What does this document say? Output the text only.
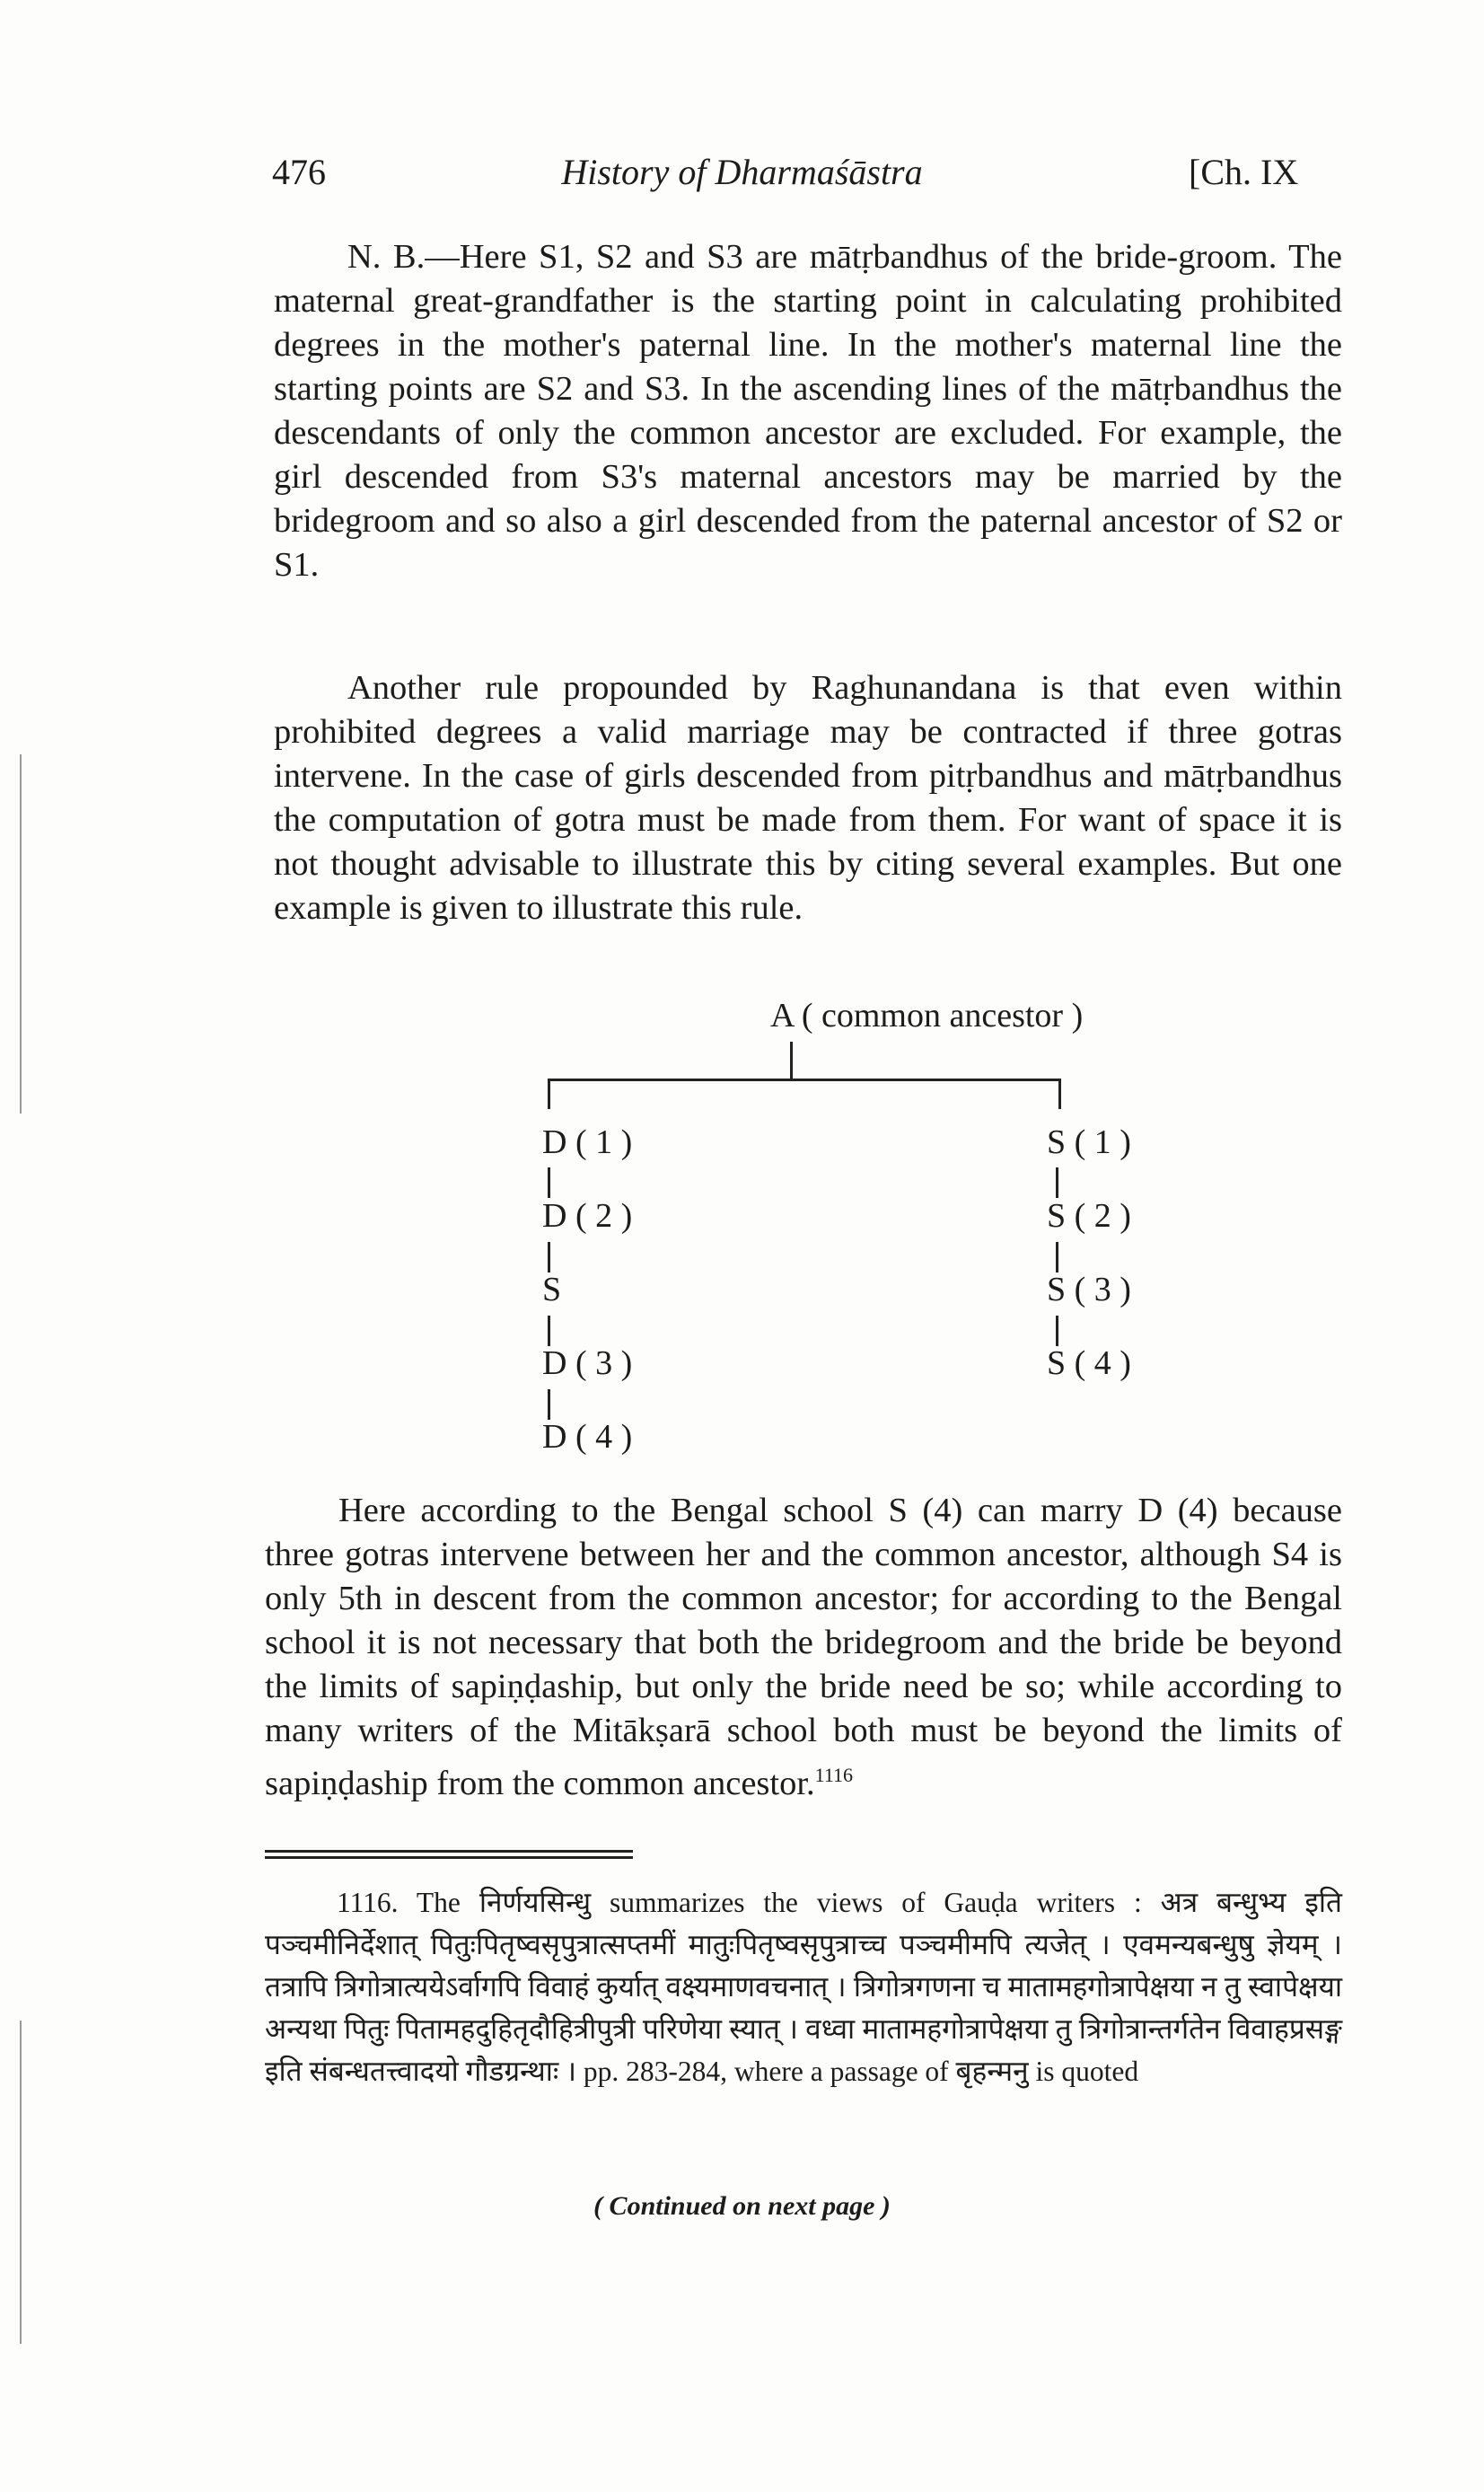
476	History of Dharmaśāstra	[Ch. IX

N. B.—Here S1, S2 and S3 are mātṛbandhus of the bride-groom. The maternal great-grandfather is the starting point in calculating prohibited degrees in the mother's paternal line. In the mother's maternal line the starting points are S2 and S3. In the ascending lines of the mātṛbandhus the descendants of only the common ancestor are excluded. For example, the girl descended from S3's maternal ancestors may be married by the bridegroom and so also a girl descended from the paternal ancestor of S2 or S1.

Another rule propounded by Raghunandana is that even within prohibited degrees a valid marriage may be contracted if three gotras intervene. In the case of girls descended from pitṛbandhus and mātṛbandhus the computation of gotra must be made from them. For want of space it is not thought advisable to illustrate this by citing several examples. But one example is given to illustrate this rule.

A ( common ancestor )
D ( 1 )
D ( 2 )
S
D ( 3 )
D ( 4 )
S ( 1 )
S ( 2 )
S ( 3 )
S ( 4 )

Here according to the Bengal school S (4) can marry D (4) because three gotras intervene between her and the common ancestor, although S4 is only 5th in descent from the common ancestor; for according to the Bengal school it is not necessary that both the bridegroom and the bride be beyond the limits of sapiṇḍaship, but only the bride need be so; while according to many writers of the Mitākṣarā school both must be beyond the limits of sapiṇḍaship from the common ancestor.$^{1116}$

1116. The निर्णयसिन्धु summarizes the views of Gauḍa writers : अत्र बन्धुभ्य इति पञ्चमीनिर्देशात् पितुःपितृष्वसृपुत्रात्सप्तमीं मातुःपितृष्वसृपुत्राच्च पञ्चमीमपि त्यजेत् । एवमन्यबन्धुषु ज्ञेयम् । तत्रापि त्रिगोत्रात्ययेऽर्वागपि विवाहं कुर्यात् वक्ष्यमाणवचनात् । त्रिगोत्रगणना च मातामहगोत्रापेक्षया न तु स्वापेक्षया अन्यथा पितुः पितामहदुहितृदौहित्रीपुत्री परिणेया स्यात् । वध्वा मातामहगोत्रापेक्षया तु त्रिगोत्रान्तर्गतेन विवाहप्रसङ्ग इति संबन्धतत्त्वादयो गौडग्रन्थाः । pp. 283-284, where a passage of बृहन्मनु is quoted

( Continued on next page )
